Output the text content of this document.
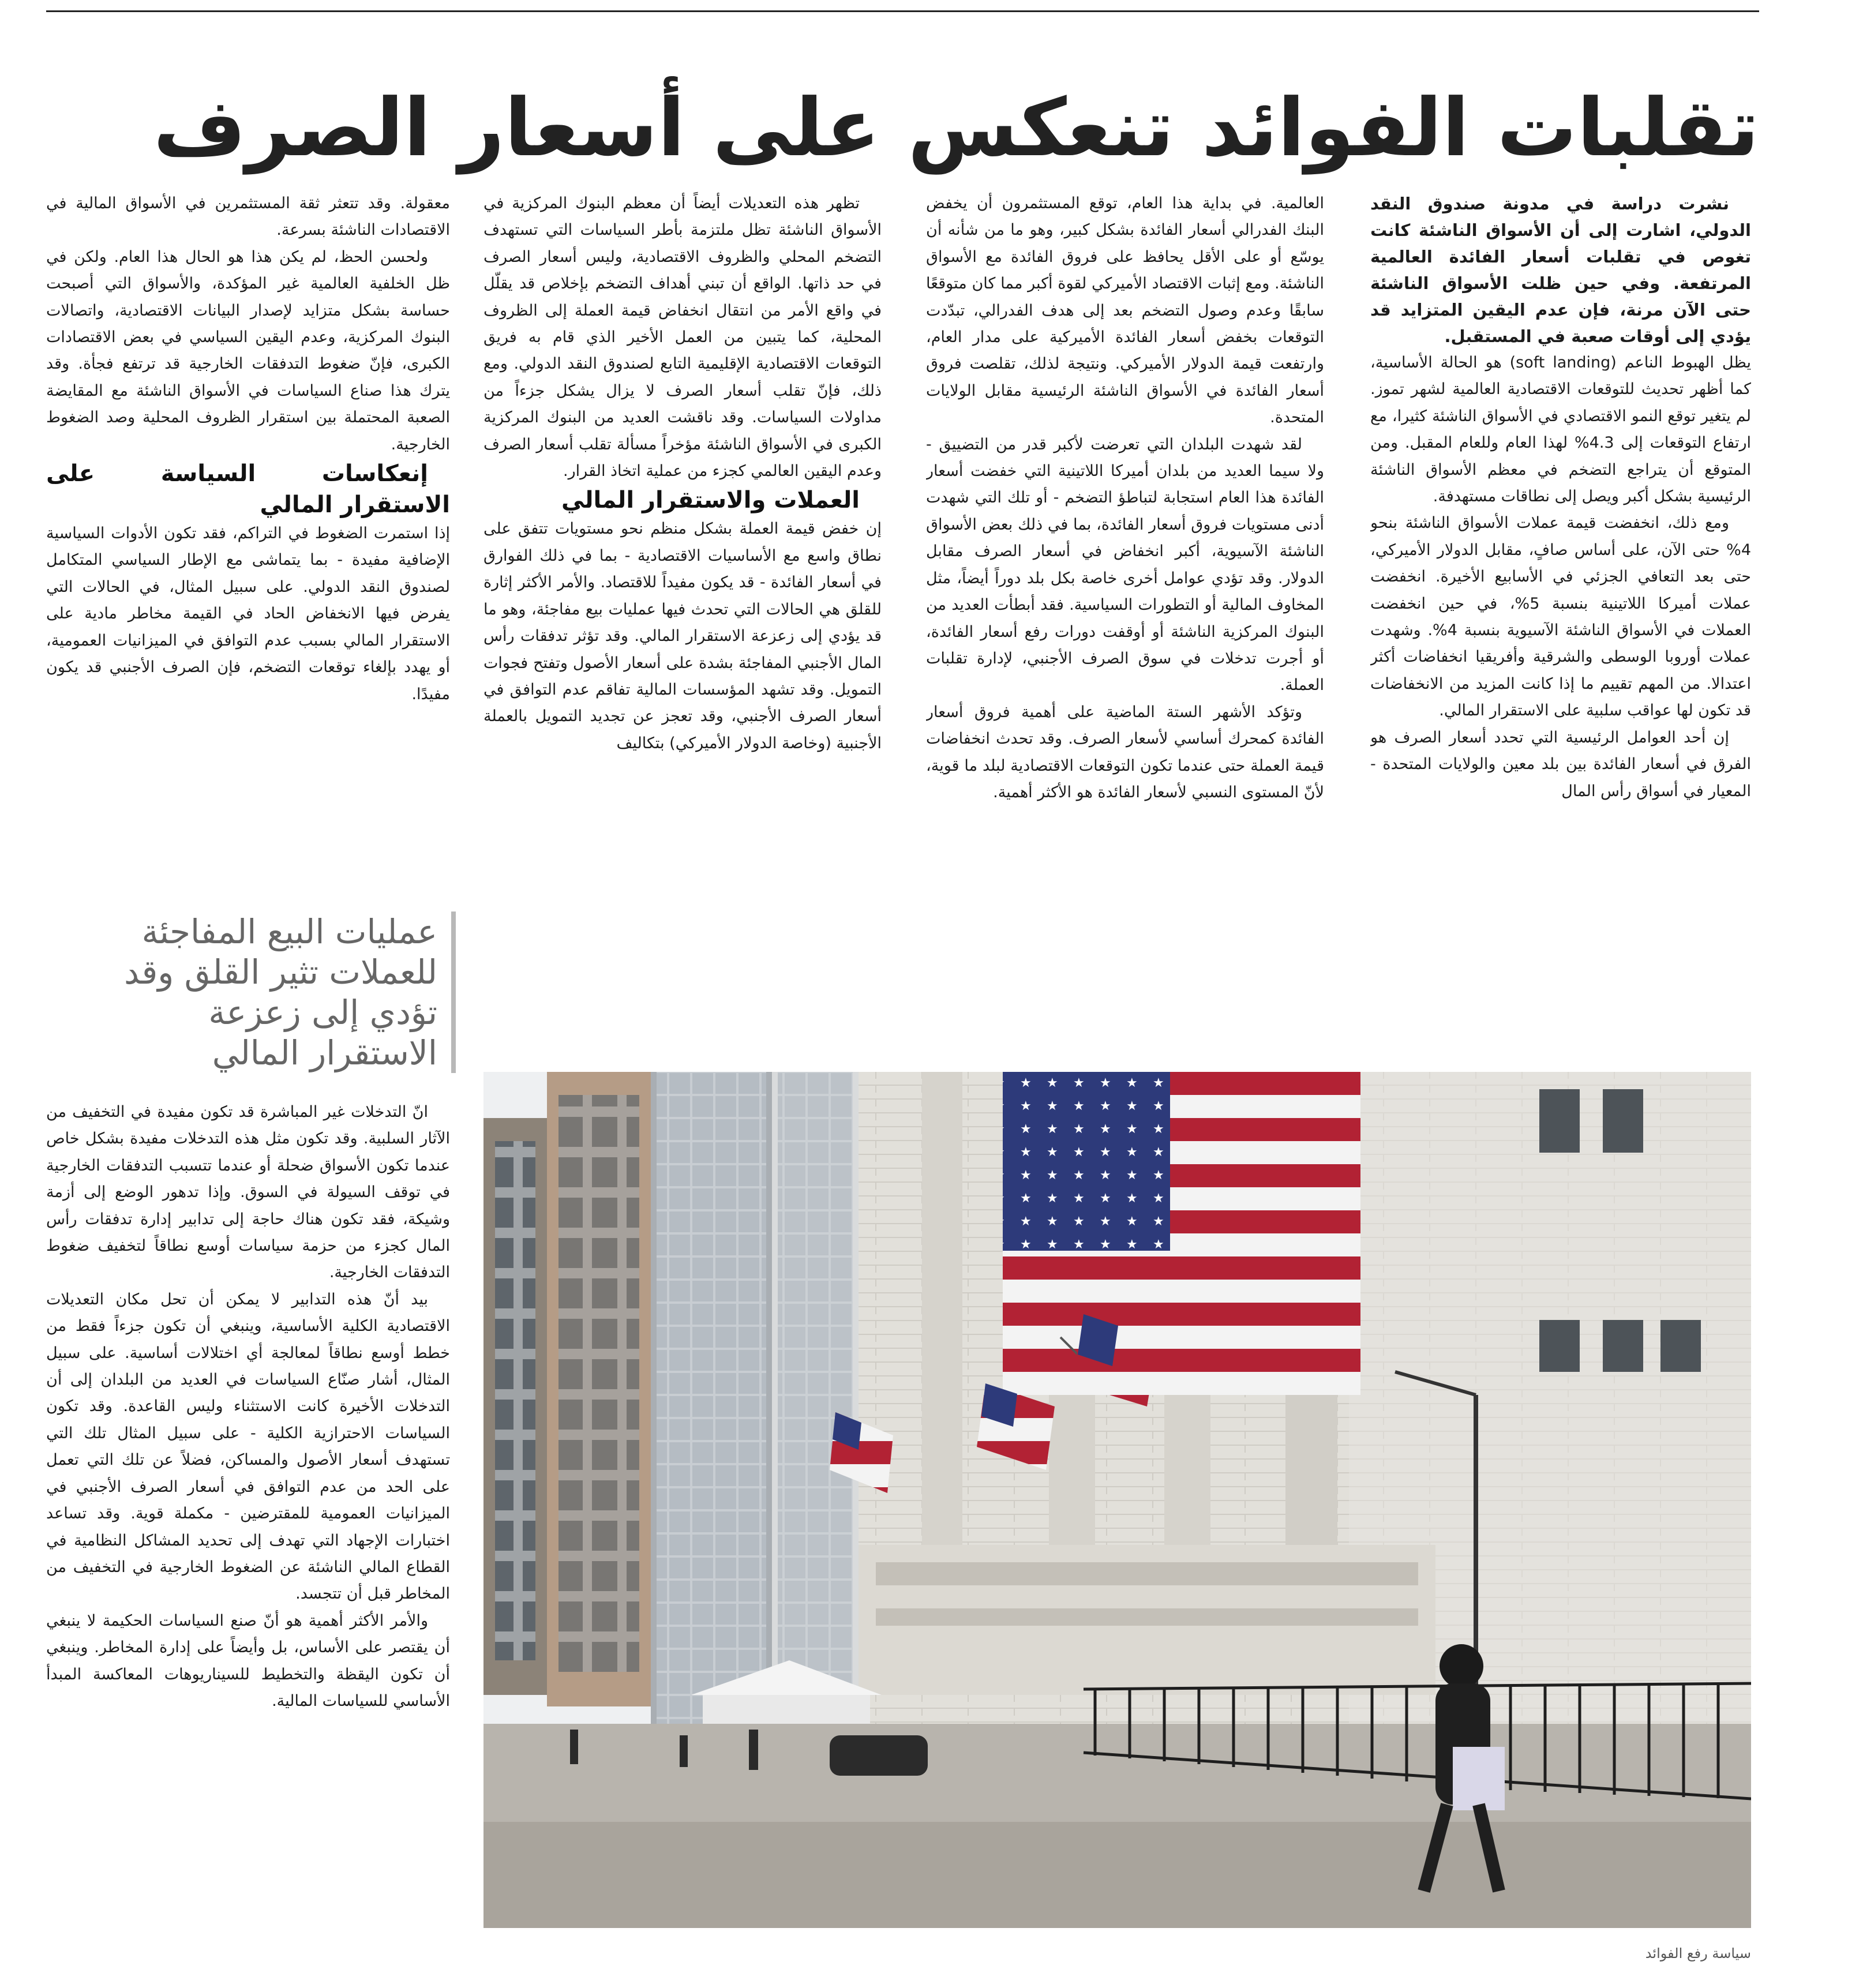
تقلبات الفوائد تنعكس على أسعار الصرف

نشرت دراسة في مدونة صندوق النقد الدولي، اشارت إلى أن الأسواق الناشئة كانت تغوص في تقلبات أسعار الفائدة العالمية المرتفعة. وفي حين ظلت الأسواق الناشئة حتى الآن مرنة، فإن عدم اليقين المتزايد قد يؤدي إلى أوقات صعبة في المستقبل.

يظل الهبوط الناعم (soft landing) هو الحالة الأساسية، كما أظهر تحديث للتوقعات الاقتصادية العالمية لشهر تموز. لم يتغير توقع النمو الاقتصادي في الأسواق الناشئة كثيرا، مع ارتفاع التوقعات إلى 4.3% لهذا العام وللعام المقبل. ومن المتوقع أن يتراجع التضخم في معظم الأسواق الناشئة الرئيسية بشكل أكبر ويصل إلى نطاقات مستهدفة.

ومع ذلك، انخفضت قيمة عملات الأسواق الناشئة بنحو 4% حتى الآن، على أساس صافٍ، مقابل الدولار الأميركي، حتى بعد التعافي الجزئي في الأسابيع الأخيرة. انخفضت عملات أميركا اللاتينية بنسبة 5%، في حين انخفضت العملات في الأسواق الناشئة الآسيوية بنسبة 4%. وشهدت عملات أوروبا الوسطى والشرقية وأفريقيا انخفاضات أكثر اعتدالا. من المهم تقييم ما إذا كانت المزيد من الانخفاضات قد تكون لها عواقب سلبية على الاستقرار المالي.

إن أحد العوامل الرئيسية التي تحدد أسعار الصرف هو الفرق في أسعار الفائدة بين بلد معين والولايات المتحدة - المعيار في أسواق رأس المال

العالمية. في بداية هذا العام، توقع المستثمرون أن يخفض البنك الفدرالي أسعار الفائدة بشكل كبير، وهو ما من شأنه أن يوسّع أو على الأقل يحافظ على فروق الفائدة مع الأسواق الناشئة. ومع إثبات الاقتصاد الأميركي لقوة أكبر مما كان متوقعًا سابقًا وعدم وصول التضخم بعد إلى هدف الفدرالي، تبدّدت التوقعات بخفض أسعار الفائدة الأميركية على مدار العام، وارتفعت قيمة الدولار الأميركي. ونتيجة لذلك، تقلصت فروق أسعار الفائدة في الأسواق الناشئة الرئيسية مقابل الولايات المتحدة.

لقد شهدت البلدان التي تعرضت لأكبر قدر من التضييق - ولا سيما العديد من بلدان أميركا اللاتينية التي خفضت أسعار الفائدة هذا العام استجابة لتباطؤ التضخم - أو تلك التي شهدت أدنى مستويات فروق أسعار الفائدة، بما في ذلك بعض الأسواق الناشئة الآسيوية، أكبر انخفاض في أسعار الصرف مقابل الدولار. وقد تؤدي عوامل أخرى خاصة بكل بلد دوراً أيضاً، مثل المخاوف المالية أو التطورات السياسية. فقد أبطأت العديد من البنوك المركزية الناشئة أو أوقفت دورات رفع أسعار الفائدة، أو أجرت تدخلات في سوق الصرف الأجنبي، لإدارة تقلبات العملة.

وتؤكد الأشهر الستة الماضية على أهمية فروق أسعار الفائدة كمحرك أساسي لأسعار الصرف. وقد تحدث انخفاضات قيمة العملة حتى عندما تكون التوقعات الاقتصادية لبلد ما قوية، لأنّ المستوى النسبي لأسعار الفائدة هو الأكثر أهمية.

تظهر هذه التعديلات أيضاً أن معظم البنوك المركزية في الأسواق الناشئة تظل ملتزمة بأطر السياسات التي تستهدف التضخم المحلي والظروف الاقتصادية، وليس أسعار الصرف في حد ذاتها. الواقع أن تبني أهداف التضخم بإخلاص قد يقلّل في واقع الأمر من انتقال انخفاض قيمة العملة إلى الظروف المحلية، كما يتبين من العمل الأخير الذي قام به فريق التوقعات الاقتصادية الإقليمية التابع لصندوق النقد الدولي. ومع ذلك، فإنّ تقلب أسعار الصرف لا يزال يشكل جزءاً من مداولات السياسات. وقد ناقشت العديد من البنوك المركزية الكبرى في الأسواق الناشئة مؤخراً مسألة تقلب أسعار الصرف وعدم اليقين العالمي كجزء من عملية اتخاذ القرار.

العملات والاستقرار المالي

إن خفض قيمة العملة بشكل منظم نحو مستويات تتفق على نطاق واسع مع الأساسيات الاقتصادية - بما في ذلك الفوارق في أسعار الفائدة - قد يكون مفيداً للاقتصاد. والأمر الأكثر إثارة للقلق هي الحالات التي تحدث فيها عمليات بيع مفاجئة، وهو ما قد يؤدي إلى زعزعة الاستقرار المالي. وقد تؤثر تدفقات رأس المال الأجنبي المفاجئة بشدة على أسعار الأصول وتفتح فجوات التمويل. وقد تشهد المؤسسات المالية تفاقم عدم التوافق في أسعار الصرف الأجنبي، وقد تعجز عن تجديد التمويل بالعملة الأجنبية (وخاصة الدولار الأميركي) بتكاليف

معقولة. وقد تتعثر ثقة المستثمرين في الأسواق المالية في الاقتصادات الناشئة بسرعة.

ولحسن الحظ، لم يكن هذا هو الحال هذا العام. ولكن في ظل الخلفية العالمية غير المؤكدة، والأسواق التي أصبحت حساسة بشكل متزايد لإصدار البيانات الاقتصادية، واتصالات البنوك المركزية، وعدم اليقين السياسي في بعض الاقتصادات الكبرى، فإنّ ضغوط التدفقات الخارجية قد ترتفع فجأة. وقد يترك هذا صناع السياسات في الأسواق الناشئة مع المقايضة الصعبة المحتملة بين استقرار الظروف المحلية وصد الضغوط الخارجية.

إنعكاسات السياسة على الاستقرار المالي

إذا استمرت الضغوط في التراكم، فقد تكون الأدوات السياسية الإضافية مفيدة - بما يتماشى مع الإطار السياسي المتكامل لصندوق النقد الدولي. على سبيل المثال، في الحالات التي يفرض فيها الانخفاض الحاد في القيمة مخاطر مادية على الاستقرار المالي بسبب عدم التوافق في الميزانيات العمومية، أو يهدد بإلغاء توقعات التضخم، فإن الصرف الأجنبي قد يكون مفيدًا.

عمليات البيع المفاجئة للعملات تثير القلق وقد تؤدي إلى زعزعة الاستقرار المالي

انّ التدخلات غير المباشرة قد تكون مفيدة في التخفيف من الآثار السلبية. وقد تكون مثل هذه التدخلات مفيدة بشكل خاص عندما تكون الأسواق ضحلة أو عندما تتسبب التدفقات الخارجية في توقف السيولة في السوق. وإذا تدهور الوضع إلى أزمة وشيكة، فقد تكون هناك حاجة إلى تدابير إدارة تدفقات رأس المال كجزء من حزمة سياسات أوسع نطاقاً لتخفيف ضغوط التدفقات الخارجية.

بيد أنّ هذه التدابير لا يمكن أن تحل مكان التعديلات الاقتصادية الكلية الأساسية، وينبغي أن تكون جزءاً فقط من خطط أوسع نطاقاً لمعالجة أي اختلالات أساسية. على سبيل المثال، أشار صنّاع السياسات في العديد من البلدان إلى أن التدخلات الأخيرة كانت الاستثناء وليس القاعدة. وقد تكون السياسات الاحترازية الكلية - على سبيل المثال تلك التي تستهدف أسعار الأصول والمساكن، فضلاً عن تلك التي تعمل على الحد من عدم التوافق في أسعار الصرف الأجنبي في الميزانيات العمومية للمقترضين - مكملة قوية. وقد تساعد اختبارات الإجهاد التي تهدف إلى تحديد المشاكل النظامية في القطاع المالي الناشئة عن الضغوط الخارجية في التخفيف من المخاطر قبل أن تتجسد.

والأمر الأكثر أهمية هو أنّ صنع السياسات الحكيمة لا ينبغي أن يقتصر على الأساس، بل وأيضاً على إدارة المخاطر. وينبغي أن تكون اليقظة والتخطيط للسيناريوهات المعاكسة المبدأ الأساسي للسياسات المالية.

سياسة رفع الفوائد
